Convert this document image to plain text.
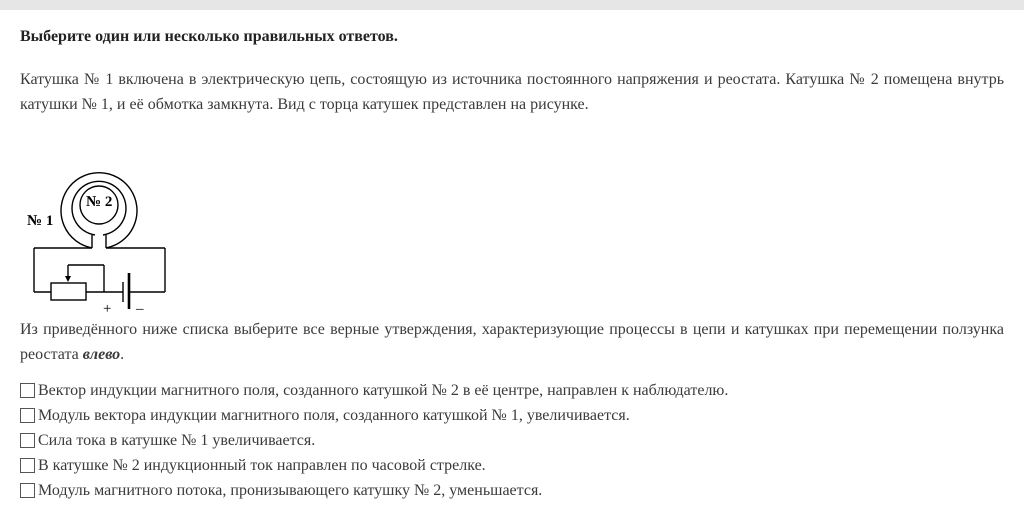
Выберите один или несколько правильных ответов.

Катушка № 1 включена в электрическую цепь, состоящую из источника постоянного напряжения и реостата. Катушка № 2 помещена внутрь катушки № 1, и её обмотка замкнута. Вид с торца катушек представлен на рисунке.

№ 1
№ 2
+ –

Из приведённого ниже списка выберите все верные утверждения, характеризующие процессы в цепи и катушках при перемещении ползунка реостата влево.

Вектор индукции магнитного поля, созданного катушкой № 2 в её центре, направлен к наблюдателю.
Модуль вектора индукции магнитного поля, созданного катушкой № 1, увеличивается.
Сила тока в катушке № 1 увеличивается.
В катушке № 2 индукционный ток направлен по часовой стрелке.
Модуль магнитного потока, пронизывающего катушку № 2, уменьшается.
